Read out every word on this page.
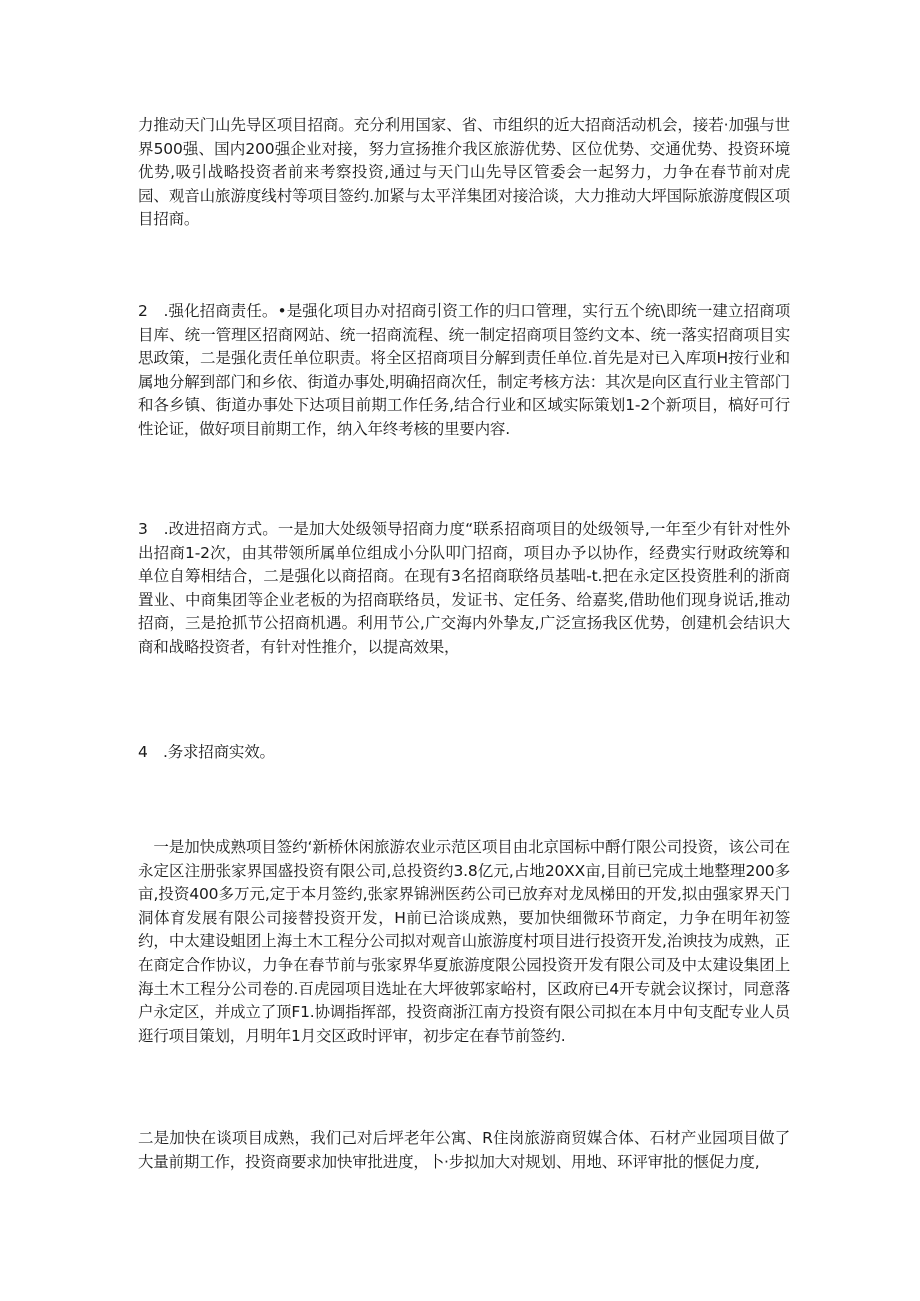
力推动天门山先导区项目招商。充分利用国家、省、市组织的近大招商活动机会，接若·加强与世界500强、国内200强企业对接，努力宣扬推介我区旅游优势、区位优势、交通优势、投资环境优势,吸引战略投资者前来考察投资,通过与天门山先导区管委会一起努力，力争在春节前对虎园、观音山旅游度线村等项目签约.加紧与太平洋集团对接洽谈，大力推动大坪国际旅游度假区项目招商。

2　.强化招商责任。•是强化项目办对招商引资工作的归口管理，实行五个统\即统一建立招商项目库、统一管理区招商网站、统一招商流程、统一制定招商项目签约文本、统一落实招商项目实思政策，二是强化责任单位职责。将全区招商项目分解到责任单位.首先是对已入库项H按行业和属地分解到部门和乡依、街道办事处,明确招商次任，制定考核方法：其次是向区直行业主管部门和各乡镇、街道办事处下达项目前期工作任务,结合行业和区域实际策划1-2个新项目，槁好可行性论证，做好项目前期工作，纳入年终考核的里要内容.

3　.改进招商方式。一是加大处级领导招商力度“联系招商项目的处级领导,一年至少有针对性外出招商1-2次，由其带领所属单位组成小分队叩门招商，项目办予以协作，经费实行财政统筹和单位自筹相结合，二是强化以商招商。在现有3名招商联络员基咄-t.把在永定区投资胜利的浙商置业、中商集团等企业老板的为招商联络员，发证书、定任务、给嘉奖,借助他们现身说话,推动招商，三是抢抓节公招商机遇。利用节公,广交海内外挚友,广泛宣扬我区优势，创建机会结识大商和战略投资者，有针对性推介，以提高效果，

4　.务求招商实效。

　一是加快成熟项目签约‘新桥休闲旅游农业示范区项目由北京国标中酹仃限公司投资，该公司在永定区注册张家界国盛投资有限公司,总投资约3.8亿元,占地20XX亩,目前已完成土地整理200多亩,投资400多万元,定于本月签约,张家界锦洲医药公司已放弃对龙凤梯田的开发,拟由强家界天门洞体育发展有限公司接替投资开发，H前已洽谈成熟，要加快细微环节商定，力争在明年初签约，中太建设蛆团上海土木工程分公司拟对观音山旅游度村项目进行投资开发,治谀技为成熟，正在商定合作协议，力争在春节前与张家界华夏旅游度限公园投资开发有限公司及中太建设集团上海土木工程分公司卷的.百虎园项目选址在大坪彼郭家峪村，区政府已4开专就会议探讨，同意落户永定区，并成立了顶F1.协调指挥部，投资商浙江南方投资有限公司拟在本月中旬支配专业人员逛行项目策划，月明年1月交区政时评审，初步定在春节前签约.

二是加快在谈项目成熟，我们己对后坪老年公寓、R住岗旅游商贸媒合体、石材产业园项目做了大量前期工作，投资商要求加快审批进度，卜·步拟加大对规划、用地、环评审批的惬促力度,
